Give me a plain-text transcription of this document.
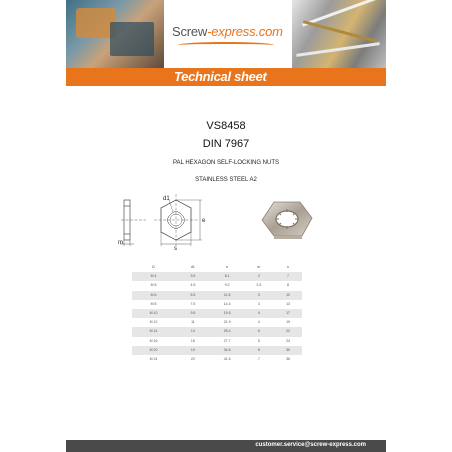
Screw-express.com
Technical sheet
VS8458
DIN 7967
PAL HEXAGON SELF-LOCKING NUTS
STAINLESS STEEL A2
m
d1
e
s
D	d1	e	m	s
M 4	3.5	8.1	2	7
M 5	4.5	9.2	2.5	8
M 6	5.5	11.5	3	10
M 8	7.5	14.4	3	13
M 10	9.5	19.6	4	17
M 12	11	21.9	4	19
M 14	13	25.4	5	22
M 16	15	27.7	5	24
M 20	19	34.6	6	30
M 24	22	41.6	7	36
customer.service@screw-express.com
